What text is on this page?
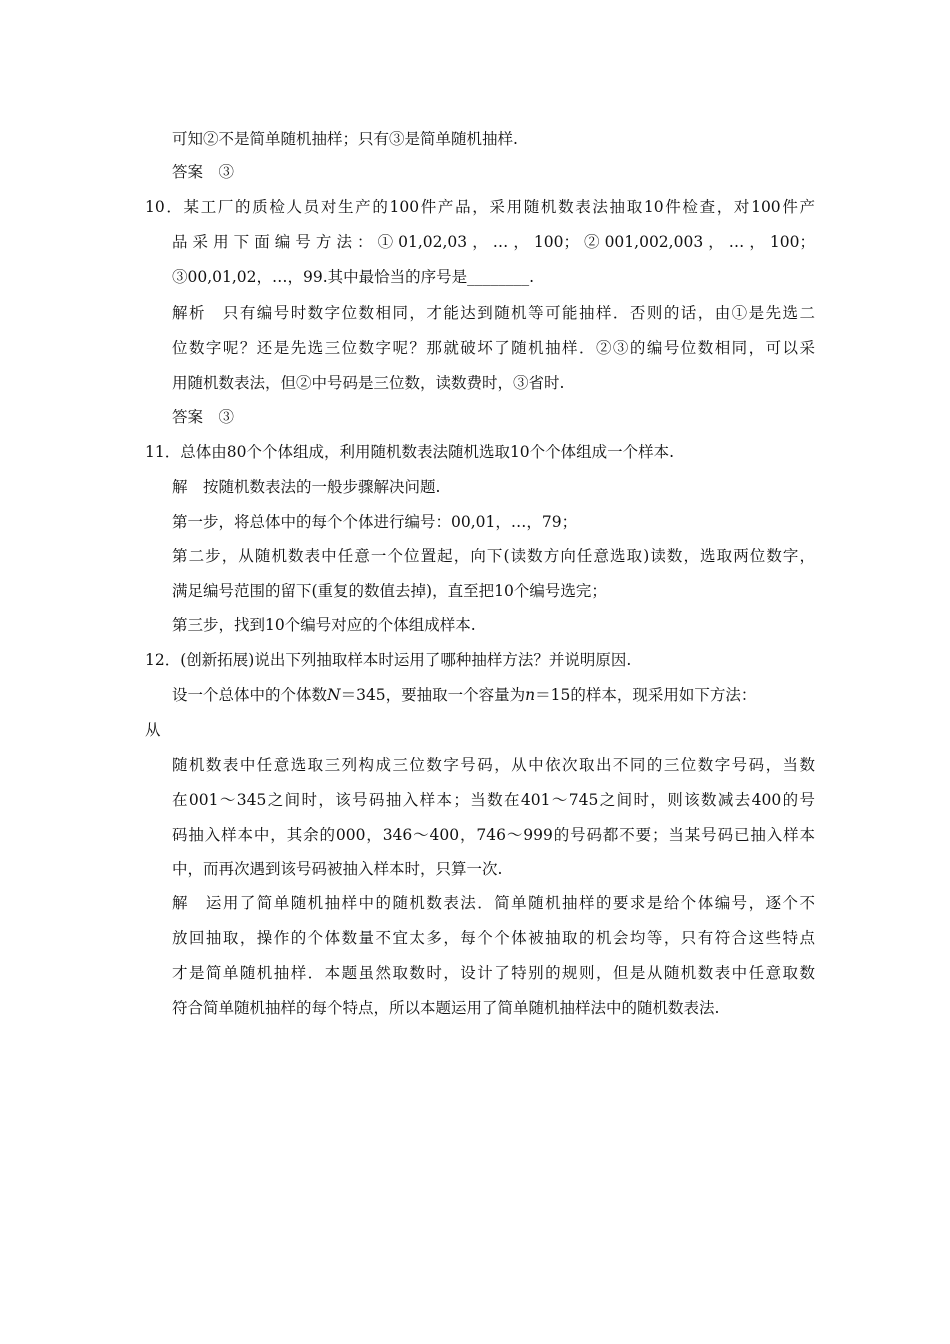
可知②不是简单随机抽样；只有③是简单随机抽样.
答案　③
10．某工厂的质检人员对生产的100件产品，采用随机数表法抽取10件检查，对100件产
品采用下面编号方法：①01,02,03，…，100；②001,002,003，…，100；
③00,01,02，…，99.其中最恰当的序号是________.
解析　只有编号时数字位数相同，才能达到随机等可能抽样．否则的话，由①是先选二
位数字呢？还是先选三位数字呢？那就破坏了随机抽样．②③的编号位数相同，可以采
用随机数表法，但②中号码是三位数，读数费时，③省时.
答案　③
11．总体由80个个体组成，利用随机数表法随机选取10个个体组成一个样本.
解　按随机数表法的一般步骤解决问题.
第一步，将总体中的每个个体进行编号：00,01，…，79；
第二步，从随机数表中任意一个位置起，向下(读数方向任意选取)读数，选取两位数字，
满足编号范围的留下(重复的数值去掉)，直至把10个编号选完；
第三步，找到10个编号对应的个体组成样本.
12．(创新拓展)说出下列抽取样本时运用了哪种抽样方法？并说明原因.
设一个总体中的个体数N＝345，要抽取一个容量为n＝15的样本，现采用如下方法：
从
随机数表中任意选取三列构成三位数字号码，从中依次取出不同的三位数字号码，当数
在001～345之间时，该号码抽入样本；当数在401～745之间时，则该数减去400的号
码抽入样本中，其余的000，346～400，746～999的号码都不要；当某号码已抽入样本
中，而再次遇到该号码被抽入样本时，只算一次.
解　运用了简单随机抽样中的随机数表法．简单随机抽样的要求是给个体编号，逐个不
放回抽取，操作的个体数量不宜太多，每个个体被抽取的机会均等，只有符合这些特点
才是简单随机抽样．本题虽然取数时，设计了特别的规则，但是从随机数表中任意取数
符合简单随机抽样的每个特点，所以本题运用了简单随机抽样法中的随机数表法.
